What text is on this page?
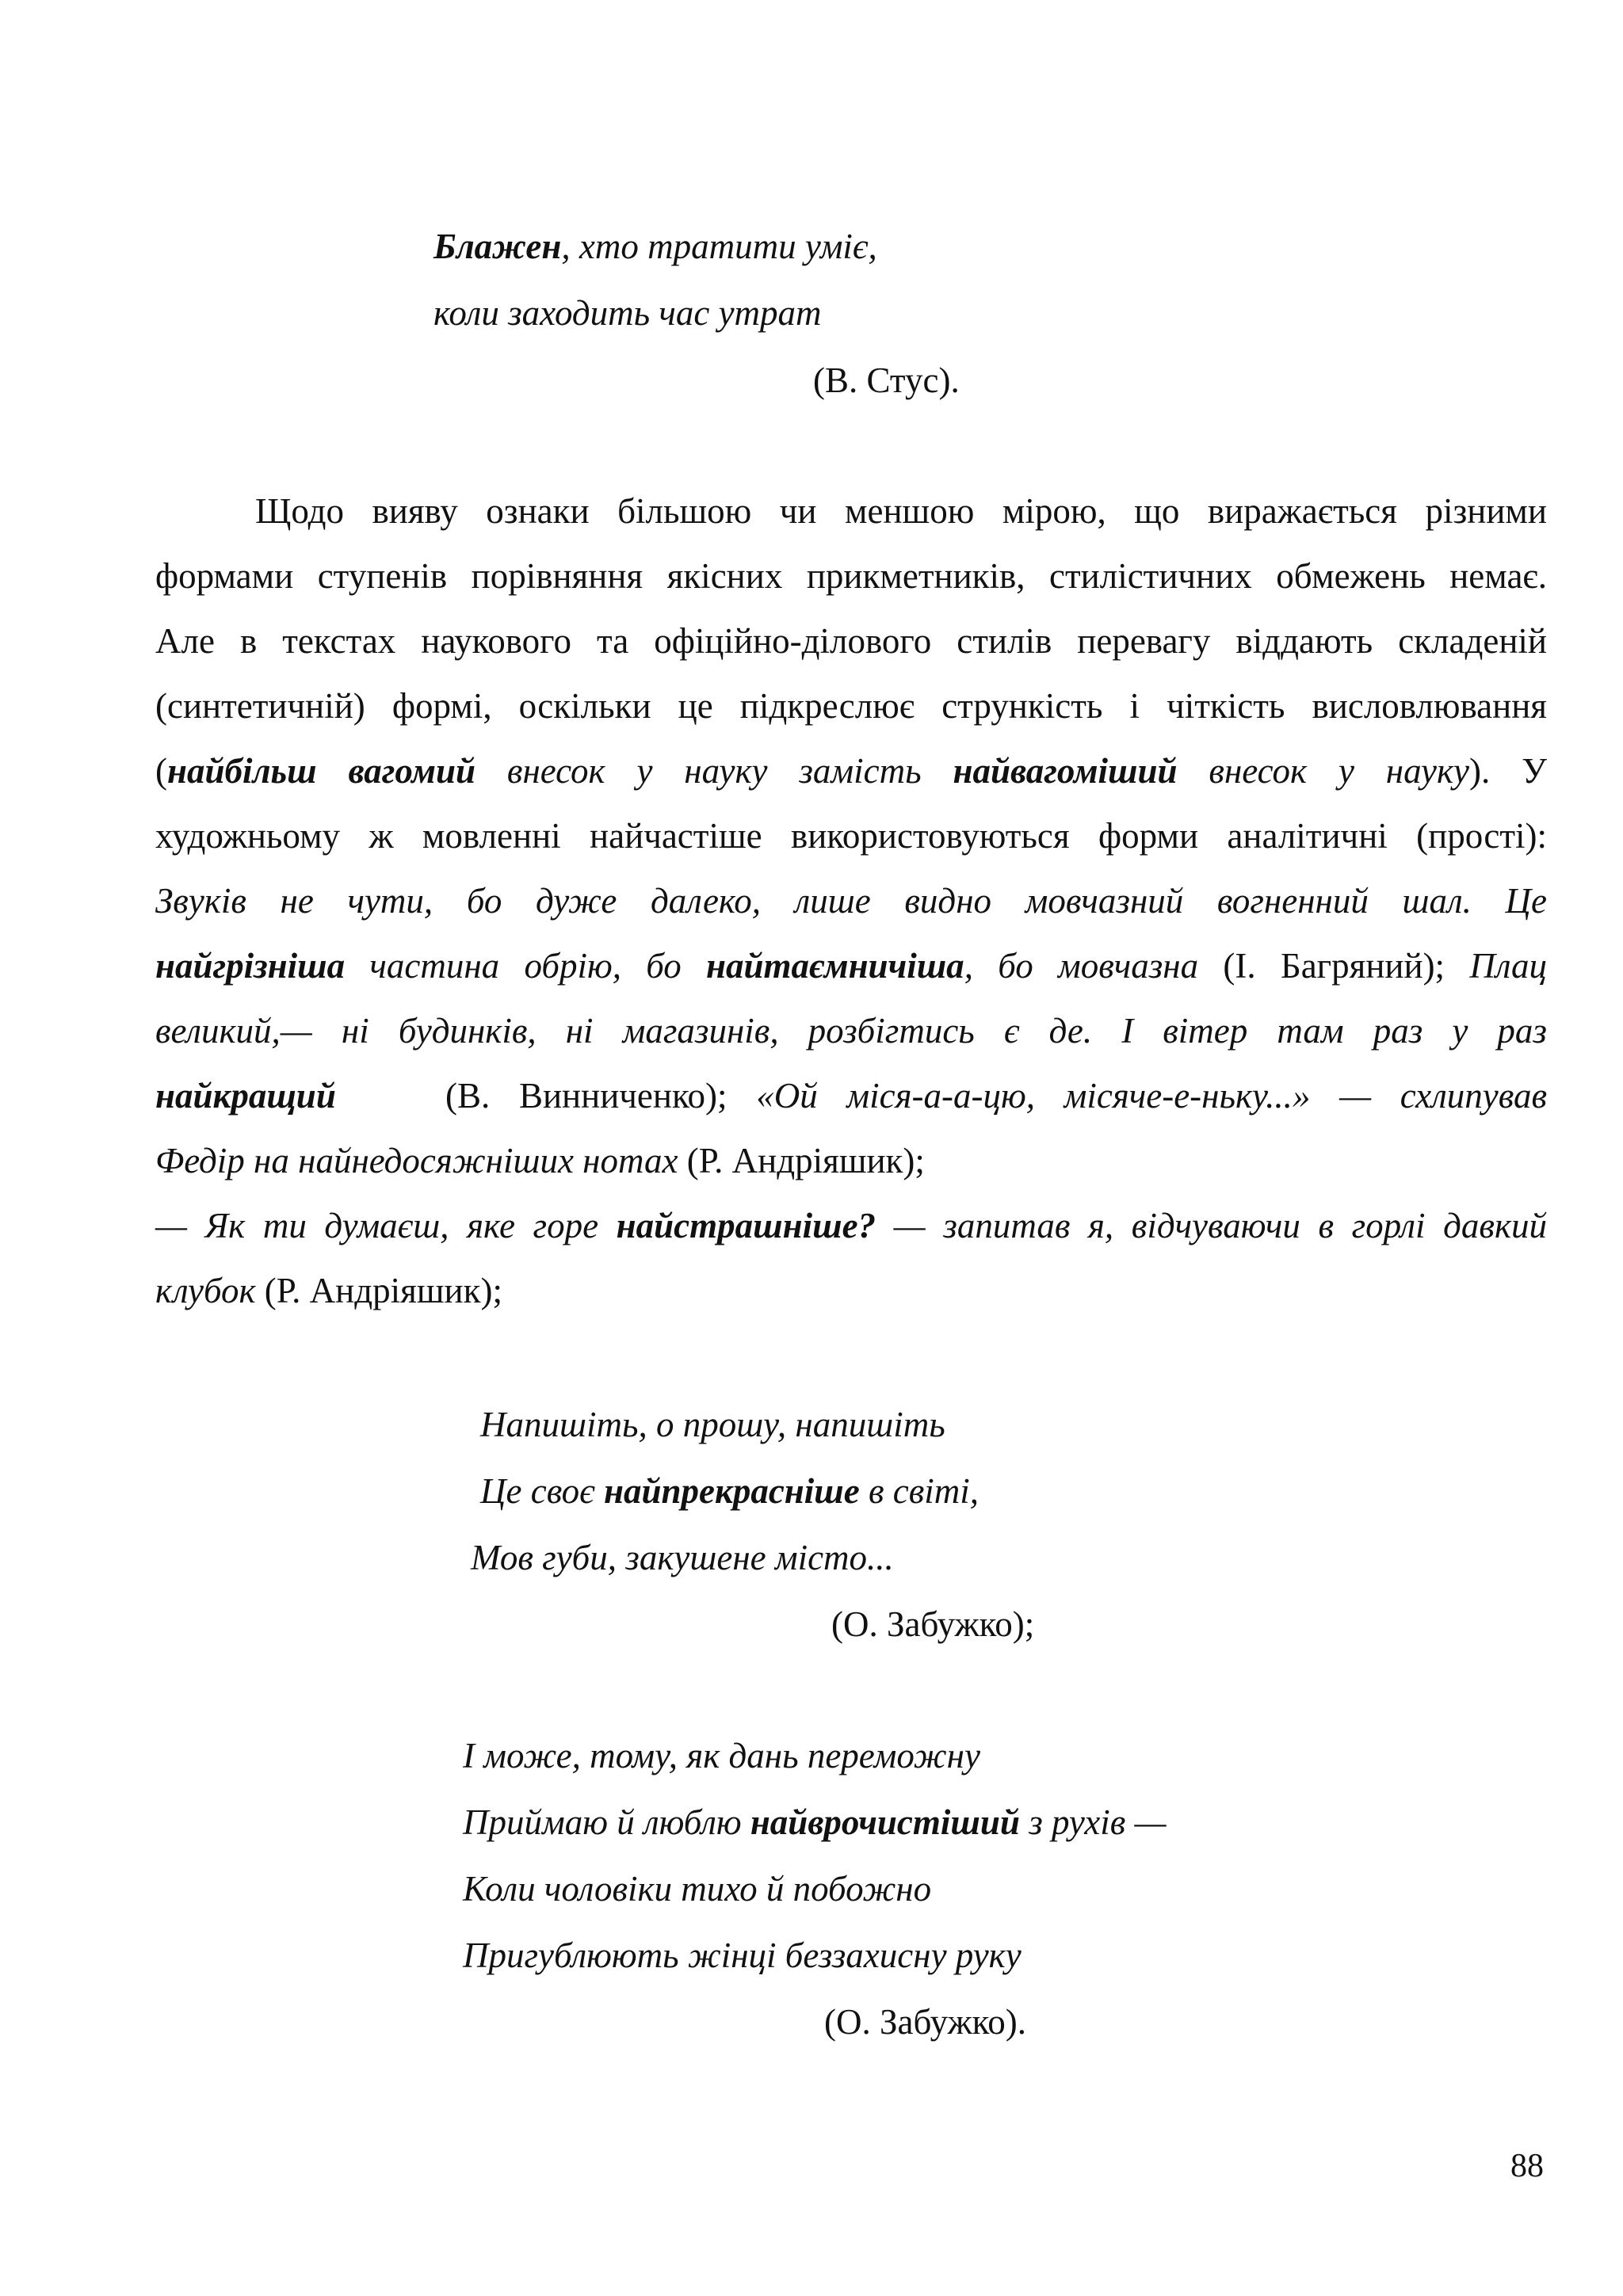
Блажен, хто тратити уміє,
коли заходить час утрат
(В. Стус).
Щодо вияву ознаки більшою чи меншою мірою, що виражається різними
формами ступенів порівняння якісних прикметників, стилістичних обмежень немає.
Але в текстах наукового та офіційно-ділового стилів перевагу віддають складеній
(синтетичній) формі, оскільки це підкреслює стрункість і чіткість висловлювання
(найбільш вагомий внесок у науку замість найвагоміший внесок у науку). У
художньому ж мовленні найчастіше використовуються форми аналітичні (прості):
Звуків не чути, бо дуже далеко, лише видно мовчазний вогненний шал. Це
найгрізніша частина обрію, бо найтаємничіша, бо мовчазна (І. Багряний); Плац
великий,— ні будинків, ні магазинів, розбігтись є де. І вітер там раз у раз
найкращий	(В. Винниченко); «Ой міся-а-а-цю, місяче-е-ньку...» — схлипував
Федір на найнедосяжніших нотах (Р. Андріяшик);
— Як ти думаєш, яке горе найстрашніше? — запитав я, відчуваючи в горлі давкий
клубок (Р. Андріяшик);
Напишіть, о прошу, напишіть
Це своє найпрекрасніше в світі,
Мов губи, закушене місто...
(О. Забужко);
І може, тому, як дань переможну
Приймаю й люблю найврочистіший з рухів —
Коли чоловіки тихо й побожно
Пригублюють жінці беззахисну руку
(О. Забужко).
88
